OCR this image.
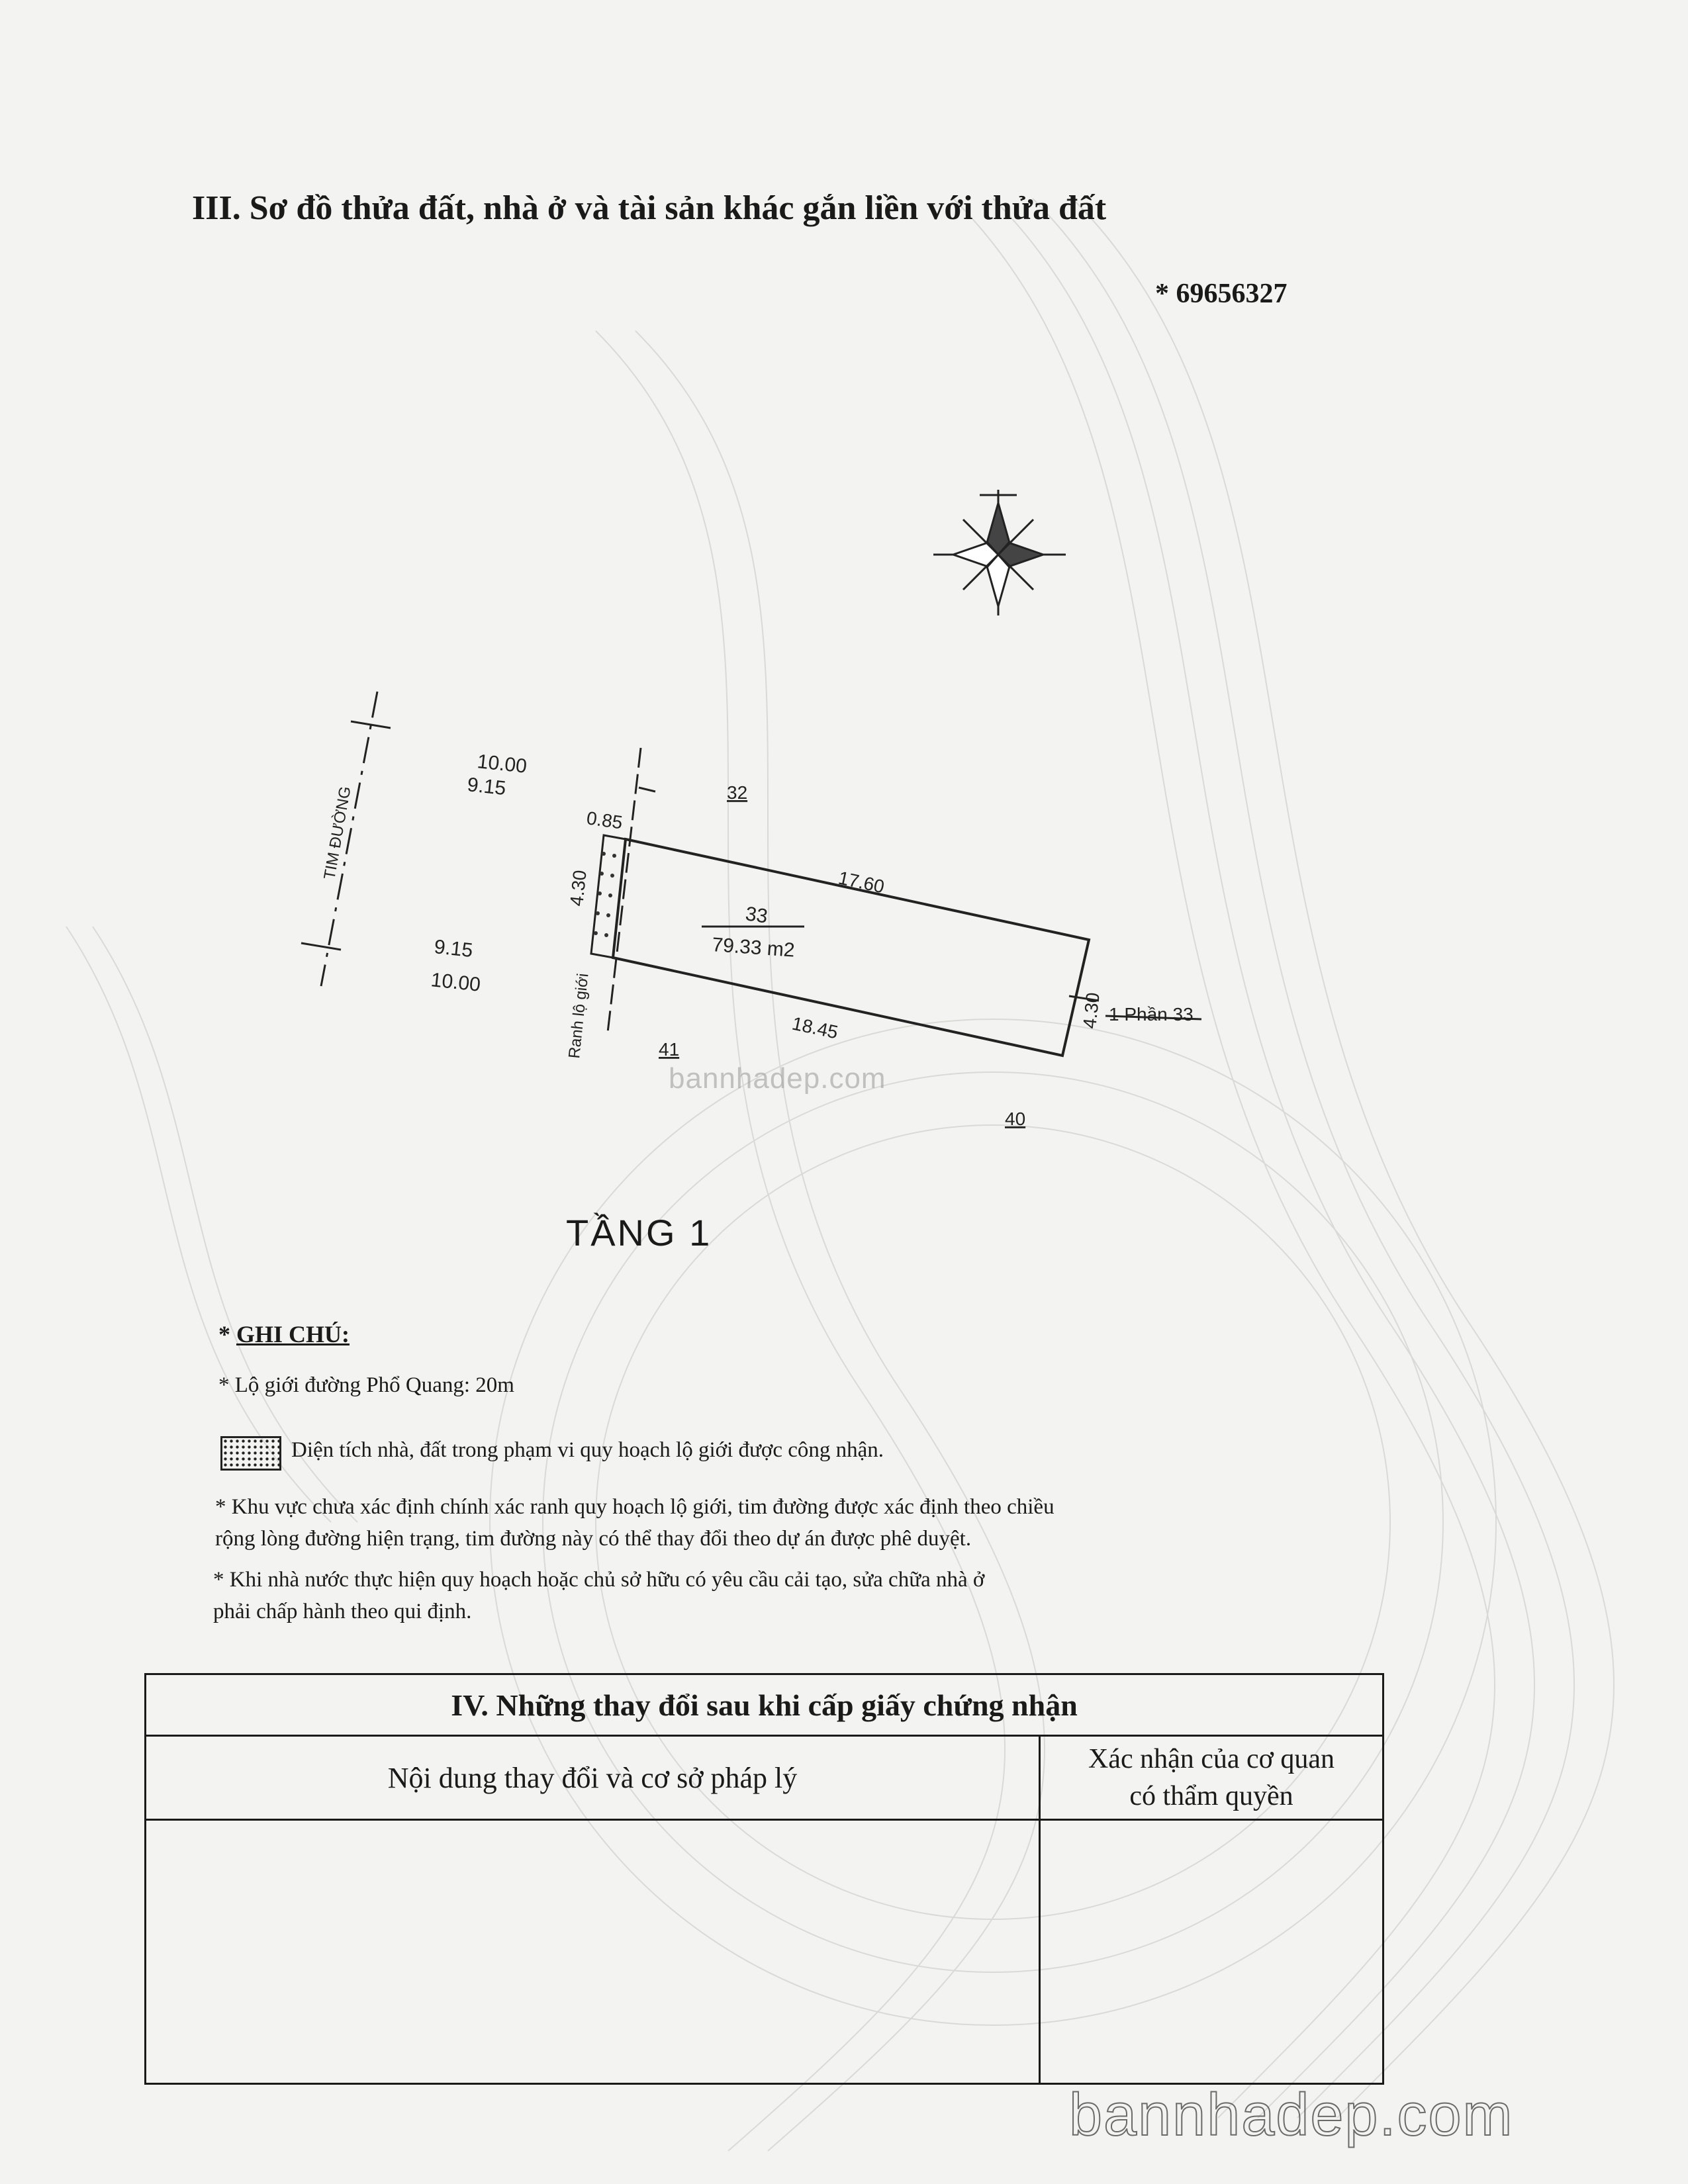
III. Sơ đồ thửa đất, nhà ở và tài sản khác gắn liền với thửa đất
* 69656327
10.00
9.15
9.15
10.00
0.85
4.30	17.60
18.45	4.30
TIM ĐƯỜNG
Ranh lộ giới
33
79.33 m2
32
41
40
1 Phần 33
bannhadep.com
TẦNG 1
* GHI CHÚ:
* Lộ giới đường Phổ Quang: 20m
Diện tích nhà, đất trong phạm vi quy hoạch lộ giới được công nhận.
* Khu vực chưa xác định chính xác ranh quy hoạch lộ giới, tim đường được xác định theo chiều
rộng lòng đường hiện trạng, tim đường này có thể thay đổi theo dự án được phê duyệt.
* Khi nhà nước thực hiện quy hoạch hoặc chủ sở hữu có yêu cầu cải tạo, sửa chữa nhà ở
phải chấp hành theo qui định.
IV. Những thay đổi sau khi cấp giấy chứng nhận
Nội dung thay đổi và cơ sở pháp lý
Xác nhận của cơ quan
có thẩm quyền
bannhadep.com
